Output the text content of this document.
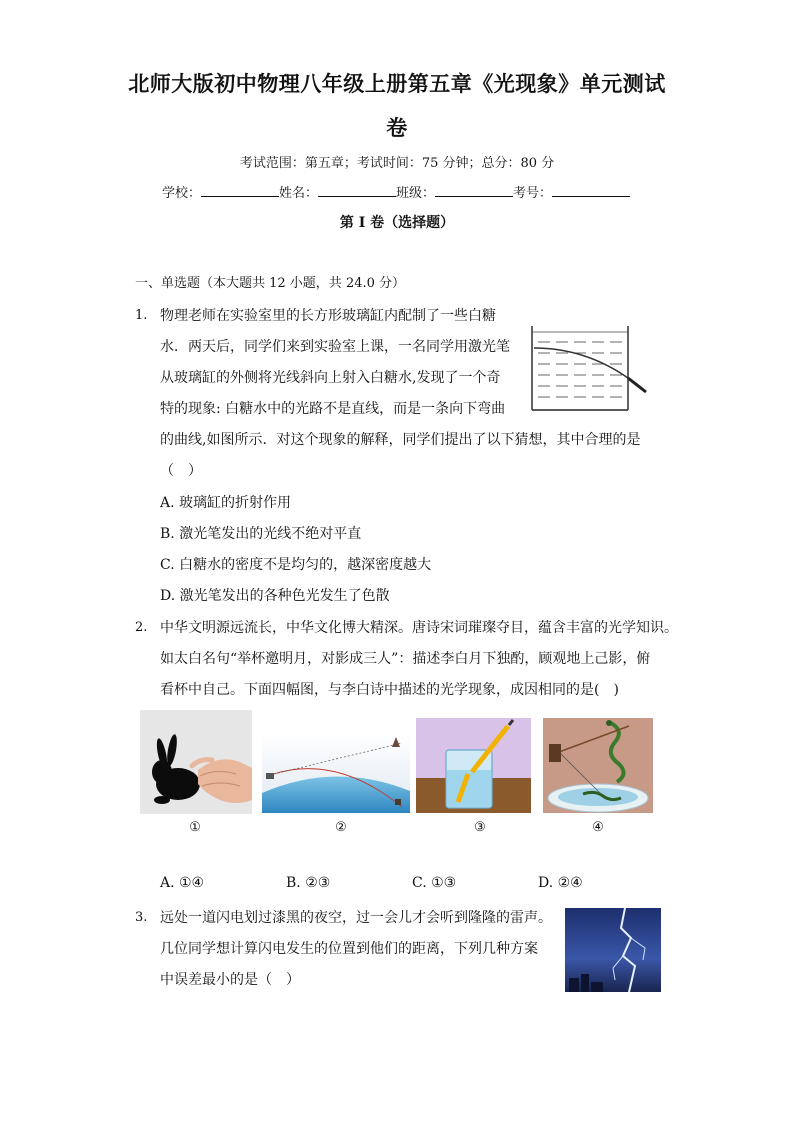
北师大版初中物理八年级上册第五章《光现象》单元测试
卷
考试范围：第五章；考试时间：75 分钟；总分：80 分
学校：	姓名：	班级：	考号：
第 I 卷（选择题）
一、单选题（本大题共 12 小题，共 24.0 分）
1. 物理老师在实验室里的长方形玻璃缸内配制了一些白糖
水．两天后，同学们来到实验室上课，一名同学用激光笔
从玻璃缸的外侧将光线斜向上射入白糖水,发现了一个奇
特的现象: 白糖水中的光路不是直线，而是一条向下弯曲
的曲线,如图所示．对这个现象的解释，同学们提出了以下猜想，其中合理的是
（　）
A. 玻璃缸的折射作用
B. 激光笔发出的光线不绝对平直
C. 白糖水的密度不是均匀的，越深密度越大
D. 激光笔发出的各种色光发生了色散
2. 中华文明源远流长，中华文化博大精深。唐诗宋词璀璨夺目，蕴含丰富的光学知识。
如太白名句“举杯邀明月，对影成三人”：描述李白月下独酌，顾观地上己影，俯
看杯中自己。下面四幅图，与李白诗中描述的光学现象，成因相同的是(　)
①	②	③	④
A. ①④	B. ②③	C. ①③	D. ②④
3. 远处一道闪电划过漆黑的夜空，过一会儿才会听到隆隆的雷声。
几位同学想计算闪电发生的位置到他们的距离，下列几种方案
中误差最小的是（　）
